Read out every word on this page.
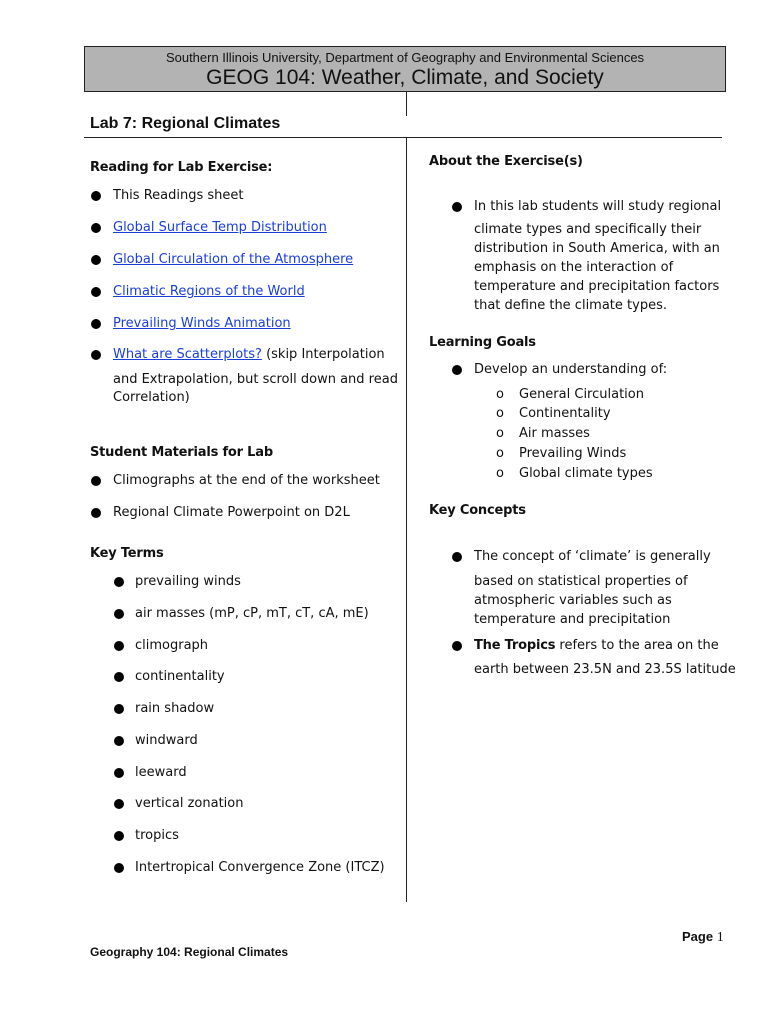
Southern Illinois University, Department of Geography and Environmental Sciences
GEOG 104: Weather, Climate, and Society
Lab 7: Regional Climates
Reading for Lab Exercise:
This Readings sheet
Global Surface Temp Distribution
Global Circulation of the Atmosphere
Climatic Regions of the World
Prevailing Winds Animation
What are Scatterplots? (skip Interpolation
and Extrapolation, but scroll down and read
Correlation)
Student Materials for Lab
Climographs at the end of the worksheet
Regional Climate Powerpoint on D2L
Key Terms
prevailing winds
air masses (mP, cP, mT, cT, cA, mE)
climograph
continentality
rain shadow
windward
leeward
vertical zonation
tropics
Intertropical Convergence Zone (ITCZ)
About the Exercise(s)
In this lab students will study regional
climate types and specifically their
distribution in South America, with an
emphasis on the interaction of
temperature and precipitation factors
that define the climate types.
Learning Goals
Develop an understanding of:
o General Circulation
o Continentality
o Air masses
o Prevailing Winds
o Global climate types
Key Concepts
The concept of ‘climate’ is generally
based on statistical properties of
atmospheric variables such as
temperature and precipitation
The Tropics refers to the area on the
earth between 23.5N and 23.5S latitude
Page 1
Geography 104: Regional Climates
